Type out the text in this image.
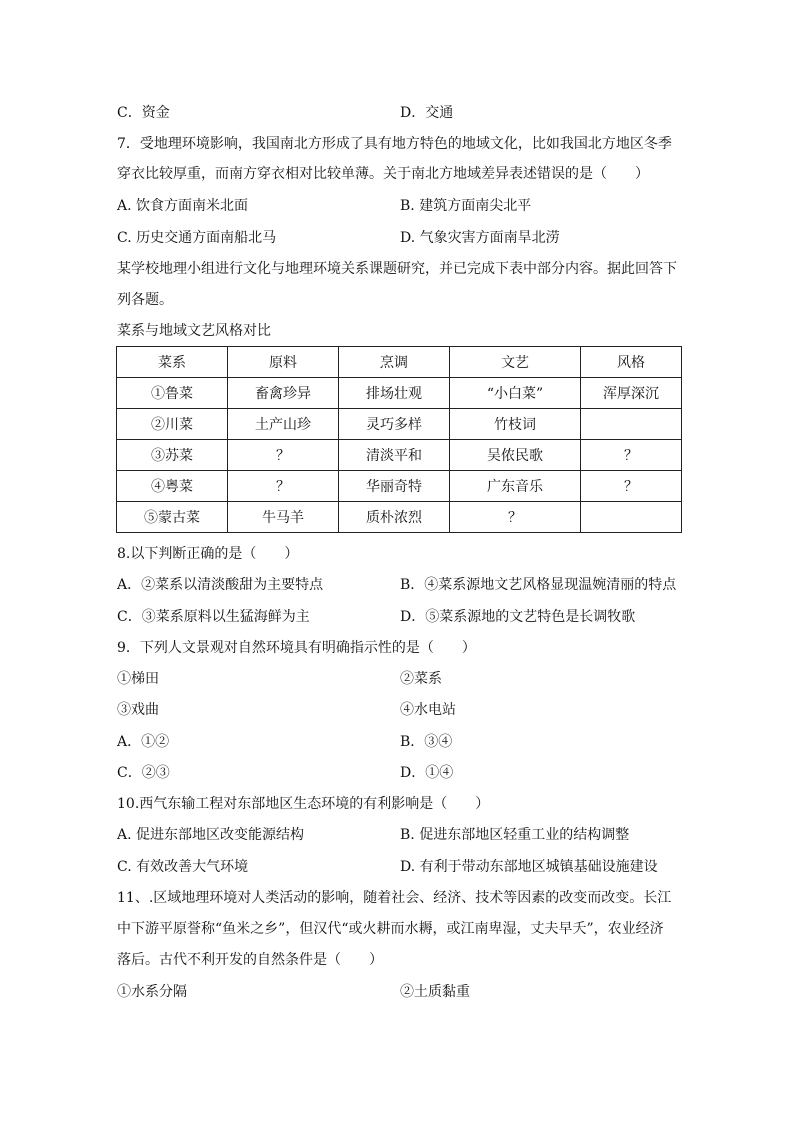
C．资金	D．交通
7．受地理环境影响，我国南北方形成了具有地方特色的地域文化，比如我国北方地区冬季
穿衣比较厚重，而南方穿衣相对比较单薄。关于南北方地域差异表述错误的是（　　）
A. 饮食方面南米北面	B. 建筑方面南尖北平
C. 历史交通方面南船北马	D. 气象灾害方面南旱北涝
某学校地理小组进行文化与地理环境关系课题研究，并已完成下表中部分内容。据此回答下
列各题。
菜系与地域文艺风格对比
菜系	原料	烹调	文艺	风格
①鲁菜	畜禽珍异	排场壮观	“小白菜”	浑厚深沉
②川菜	土产山珍	灵巧多样	竹枝词	
③苏菜	？	清淡平和	吴侬民歌	？
④粤菜	？	华丽奇特	广东音乐	？
⑤蒙古菜	牛马羊	质朴浓烈	？	
8.以下判断正确的是（　　）
A．②菜系以清淡酸甜为主要特点	B．④菜系源地文艺风格显现温婉清丽的特点
C．③菜系原料以生猛海鲜为主	D．⑤菜系源地的文艺特色是长调牧歌
9．下列人文景观对自然环境具有明确指示性的是（　　）
①梯田	②菜系
③戏曲	④水电站
A．①②	B．③④
C．②③	D．①④
10.西气东输工程对东部地区生态环境的有利影响是（　　）
A. 促进东部地区改变能源结构	B. 促进东部地区轻重工业的结构调整
C. 有效改善大气环境	D. 有利于带动东部地区城镇基础设施建设
11、.区域地理环境对人类活动的影响，随着社会、经济、技术等因素的改变而改变。长江
中下游平原誉称“鱼米之乡”，但汉代“或火耕而水耨，或江南卑湿，丈夫早夭”，农业经济
落后。古代不利开发的自然条件是（　　）
①水系分隔	②土质黏重
